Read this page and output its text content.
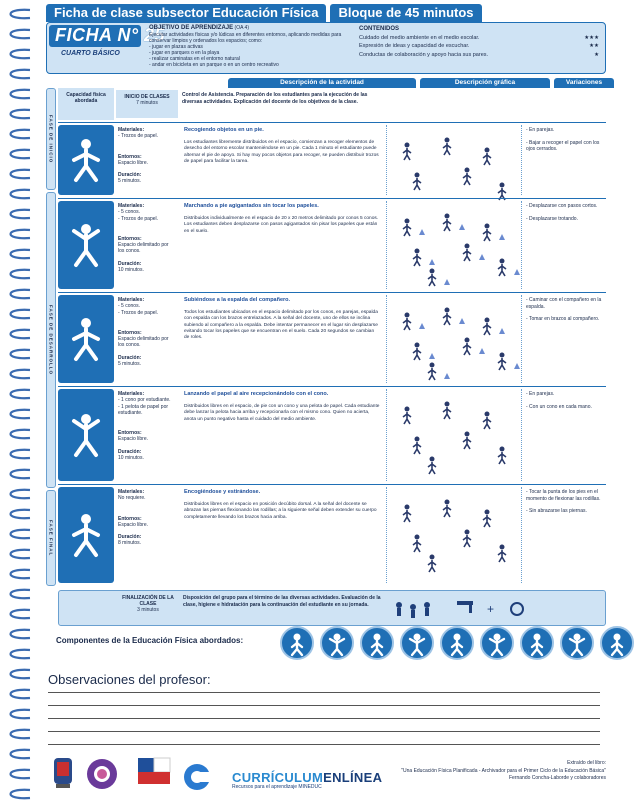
Ficha de clase subsector Educación Física	Bloque de 45 minutos
FICHA N° 25
CUARTO BÁSICO
OBJETIVO DE APRENDIZAJE (OA 4)
Ejecutar actividades físicas y/o lúdicas en diferentes entornos, aplicando medidas para conservar limpios y ordenados los espacios; como:
- jugar en plazas activas
- jugar en parques o en la playa
- realizar caminatas en el entorno natural
- andar en bicicleta en un parque o en un centro recreativo
CONTENIDOS
Cuidado del medio ambiente en el medio escolar.	★★★
Expresión de ideas y capacidad de escuchar.	★★
Conductas de colaboración y apoyo hacia sus pares.	★
Descripción de la actividad	Descripción gráfica	Variaciones
FASE DE INICIO
FASE DE DESARROLLO
FASE FINAL
Capacidad física abordada
INICIO DE CLASES
7 minutos
Control de Asistencia. Preparación de los estudiantes para la ejecución de las diversas actividades. Explicación del docente de los objetivos de la clase.
Materiales:
- Trozos de papel.
Entornos:
Espacio libre.
Duración:
5 minutos.
Recogiendo objetos en un pie.
Los estudiantes libremente distribuidos en el espacio, comienzan a recoger elementos de desecho del entorno escolar manteniéndose en un pie. Cada 1 minuto el estudiante puede alternar el pie de apoyo. Si hay muy pocos objetos para recoger, se pueden distribuir trozos de papel para facilitar la tarea.
- En parejas.
- Bajar a recoger el papel con los ojos cerrados.
Materiales:
- 5 conos.
- Trozos de papel.
Entornos:
Espacio delimitado por los conos.
Duración:
10 minutos.
Marchando a pie agigantados sin tocar los papeles.
Distribuidos individualmente en el espacio de 20 x 20 metros delimitado por conos 5 conos. Los estudiantes deben desplazarse con pasos agigantados sin pisar los papeles que están en el suelo.
- Desplazarse con pasos cortos.
- Desplazarse trotando.
Materiales:
- 5 conos.
- Trozos de papel.
Entornos:
Espacio delimitado por los conos.
Duración:
5 minutos.
Subiéndose a la espalda del compañero.
Todos los estudiantes ubicados en el espacio delimitado por los conos, en parejas, espalda con espalda con los brazos entrelazados. A la señal del docente, uno de ellos se inclina subiendo al compañero a la espalda. Debe intentar permanecer en el lugar sin desplazarse evitando tocar los papeles que se encuentran en el suelo. Cada 20 segundos se cambian de roles.
- Caminar con el compañero en la espalda.
- Tomar en brazos al compañero.
Materiales:
- 1 cono por estudiante.
- 1 pelota de papel por estudiante.
Entornos:
Espacio libre.
Duración:
10 minutos.
Lanzando el papel al aire recepcionándolo con el cono.
Distribuidos libres en el espacio, de pie con un cono y una pelota de papel. Cada estudiante debe lanzar la pelota hacia arriba y recepcionarla con el mismo cono. Quien no acierta, anota un punto negativo hasta el cuidado del medio ambiente.
- En parejas.
- Con un cono en cada mano.
Materiales:
No requiere.
Entornos:
Espacio libre.
Duración:
8 minutos.
Encogiéndose y estirándose.
Distribuidos libres en el espacio en posición decúbito dorsal. A la señal del docente se abrazan las piernas flexionando las rodillas; a la siguiente señal deben extender su cuerpo completamente llevando los brazos hacia arriba.
- Tocar la punta de los pies en el momento de flexionar las rodillas.
- Sin abrazarse las piernas.
FINALIZACIÓN DE LA CLASE
3 minutos
Disposición del grupo para el término de las diversas actividades. Evaluación de la clase, higiene e hidratación para la continuación del estudiante en su jornada.	+
Componentes de la Educación Física abordados:
Observaciones del profesor:
CURRÍCULUMENLÍNEA
Recursos para el aprendizaje MINEDUC
Extraído del libro:
"Una Educación Física Planificada - Archivador para el Primer Ciclo de la Educación Básica"
Fernando Concha-Laborde y colaboradores
